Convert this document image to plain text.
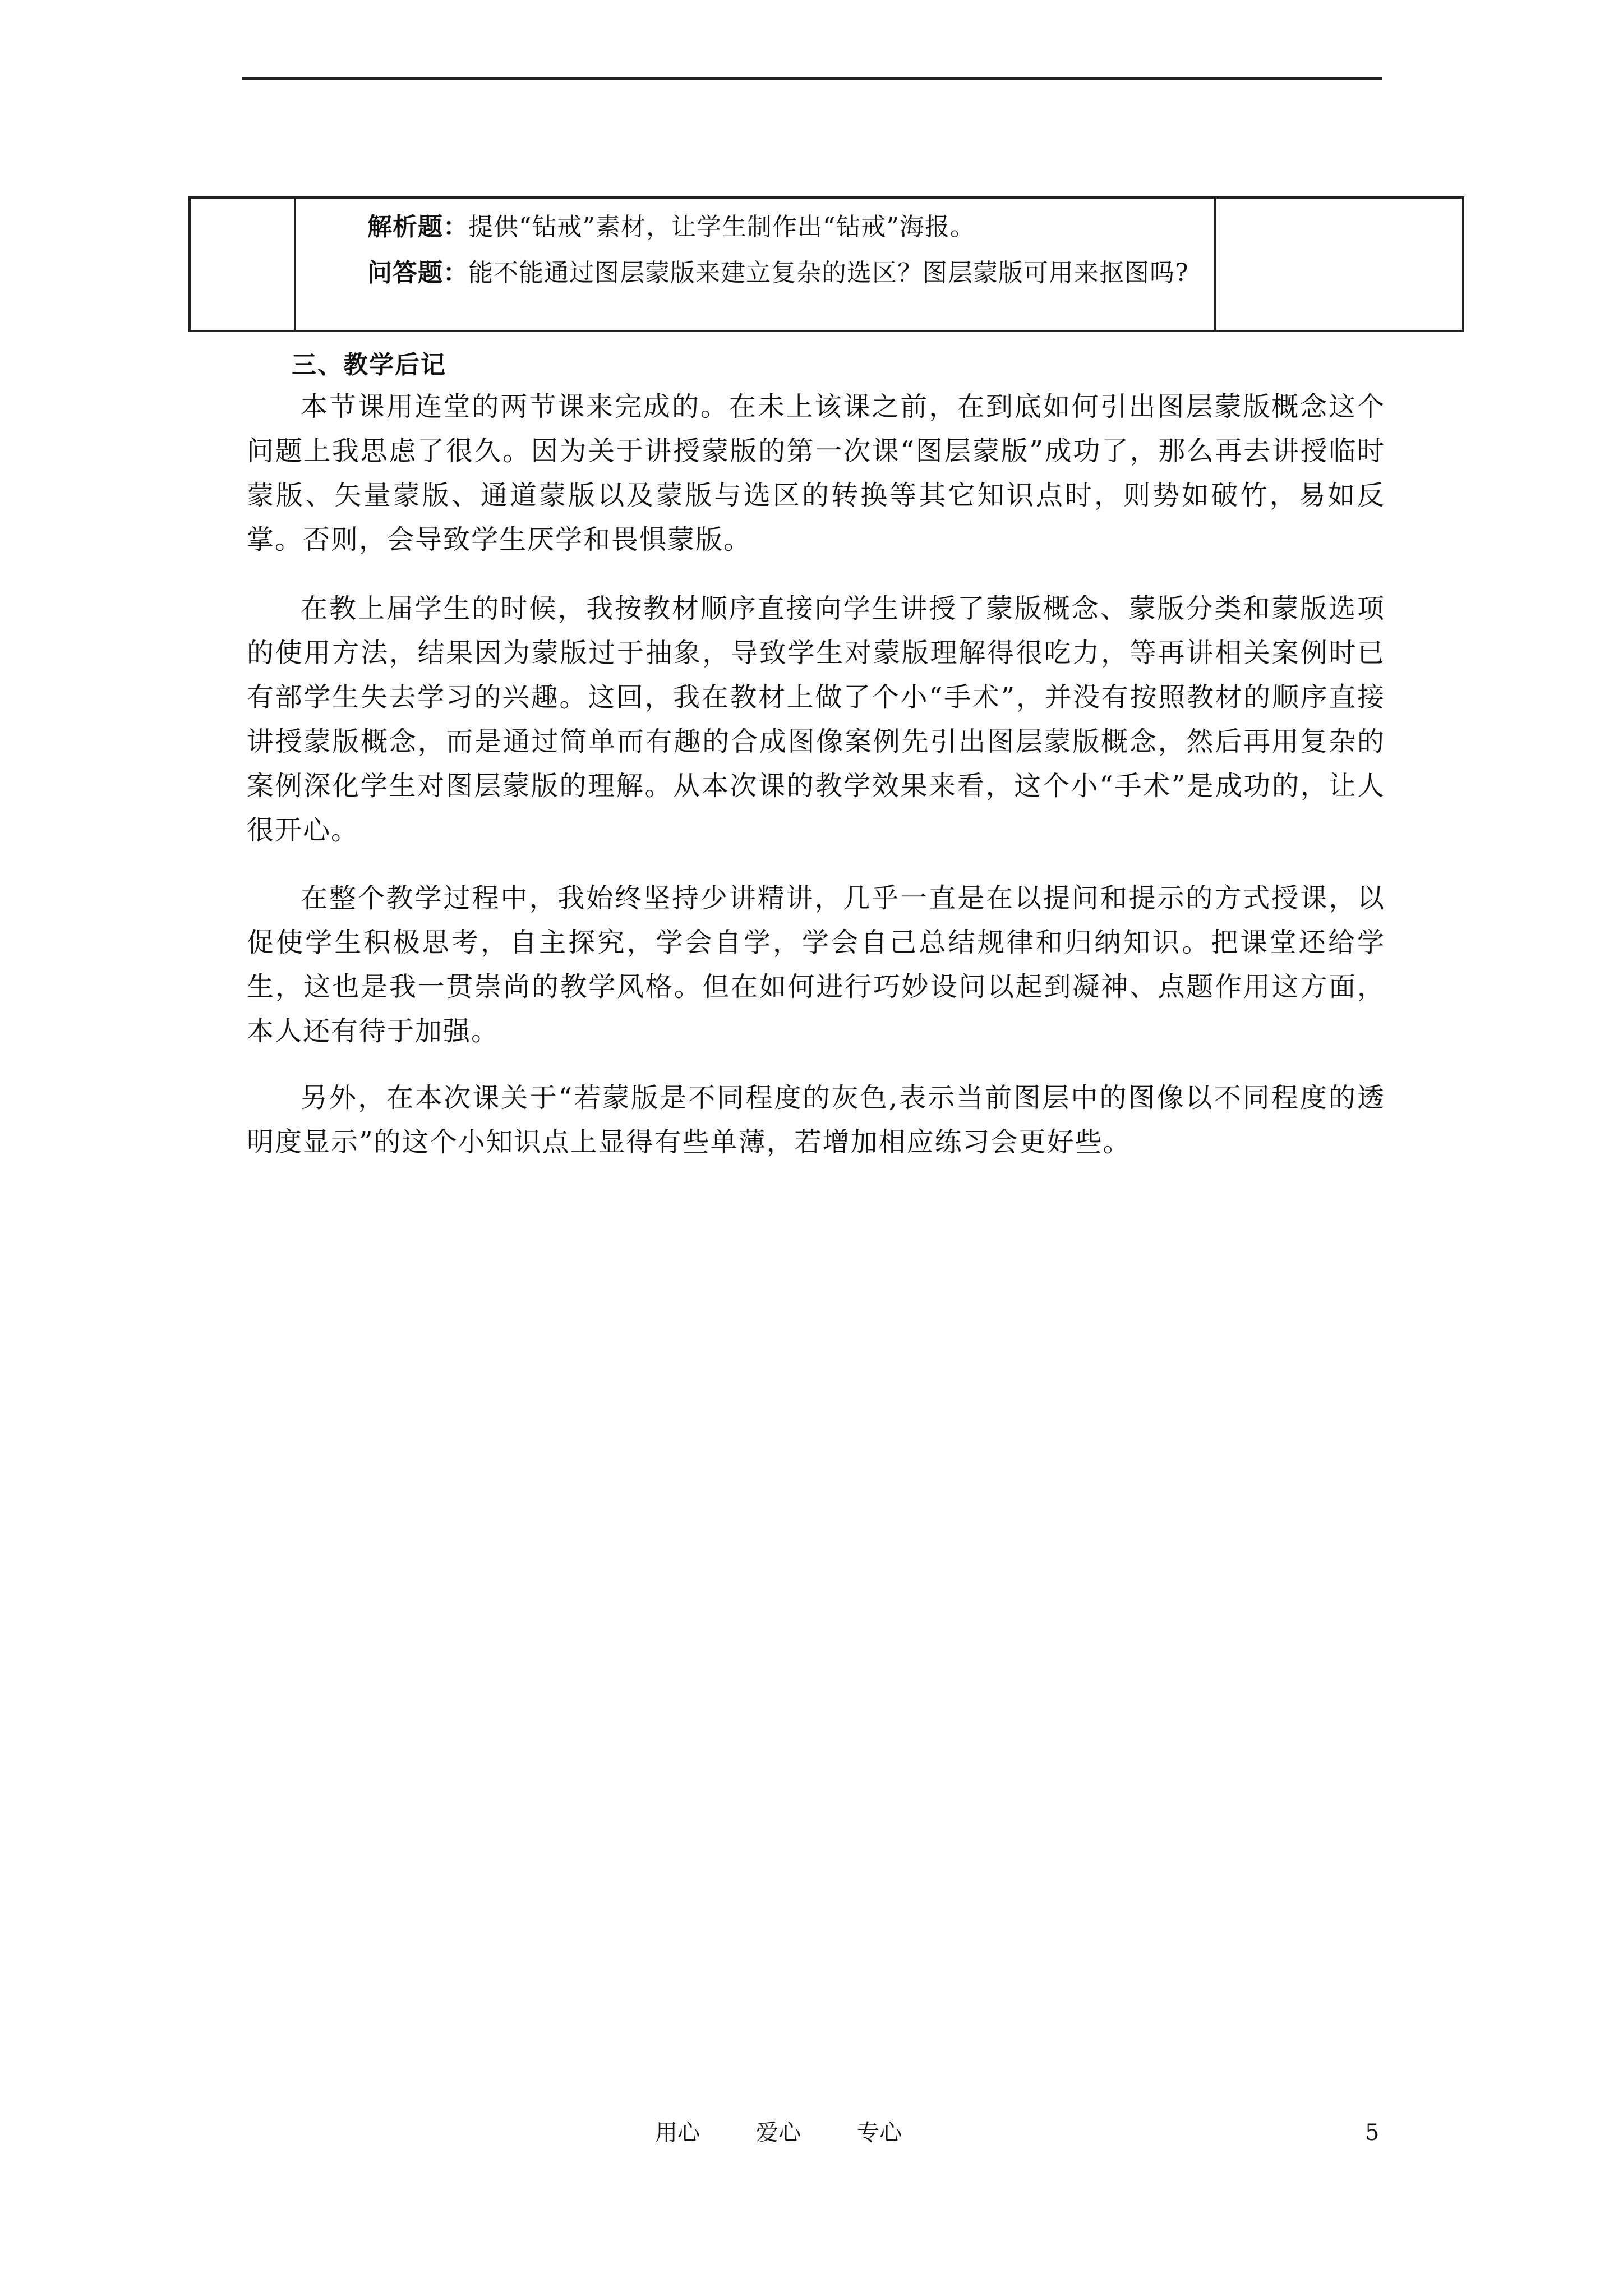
解析题：提供“钻戒”素材，让学生制作出“钻戒”海报。
问答题：能不能通过图层蒙版来建立复杂的选区？图层蒙版可用来抠图吗?
三、教学后记

本节课用连堂的两节课来完成的。在未上该课之前，在到底如何引出图层蒙版概念这个问题上我思虑了很久。因为关于讲授蒙版的第一次课“图层蒙版”成功了，那么再去讲授临时蒙版、矢量蒙版、通道蒙版以及蒙版与选区的转换等其它知识点时，则势如破竹，易如反掌。否则，会导致学生厌学和畏惧蒙版。

在教上届学生的时候，我按教材顺序直接向学生讲授了蒙版概念、蒙版分类和蒙版选项的使用方法，结果因为蒙版过于抽象，导致学生对蒙版理解得很吃力，等再讲相关案例时已有部学生失去学习的兴趣。这回，我在教材上做了个小“手术”，并没有按照教材的顺序直接讲授蒙版概念，而是通过简单而有趣的合成图像案例先引出图层蒙版概念，然后再用复杂的案例深化学生对图层蒙版的理解。从本次课的教学效果来看，这个小“手术”是成功的，让人很开心。

在整个教学过程中，我始终坚持少讲精讲，几乎一直是在以提问和提示的方式授课，以促使学生积极思考，自主探究，学会自学，学会自己总结规律和归纳知识。把课堂还给学生，这也是我一贯崇尚的教学风格。但在如何进行巧妙设问以起到凝神、点题作用这方面，本人还有待于加强。

另外，在本次课关于“若蒙版是不同程度的灰色,表示当前图层中的图像以不同程度的透明度显示”的这个小知识点上显得有些单薄，若增加相应练习会更好些。

用心	爱心	专心	5
